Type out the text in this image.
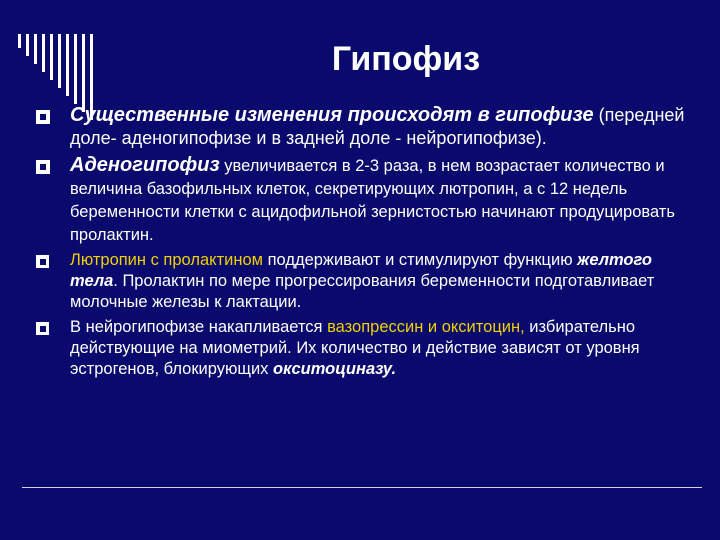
Гипофиз
Существенные изменения происходят в гипофизе (передней доле- аденогипофизе и в задней доле - нейрогипофизе).
Аденогипофиз увеличивается в 2-3 раза, в нем возрастает количество и величина базофильных клеток, секретирующих лютропин, а с 12 недель беременности клетки с ацидофильной зернистостью начинают продуцировать пролактин.
Лютропин с пролактином поддерживают и стимулируют функцию желтого тела. Пролактин по мере прогрессирования беременности подготавливает молочные железы к лактации.
В нейрогипофизе накапливается вазопрессин и окситоцин, избирательно действующие на миометрий. Их количество и действие зависят от уровня эстрогенов, блокирующих окситоциназу.
